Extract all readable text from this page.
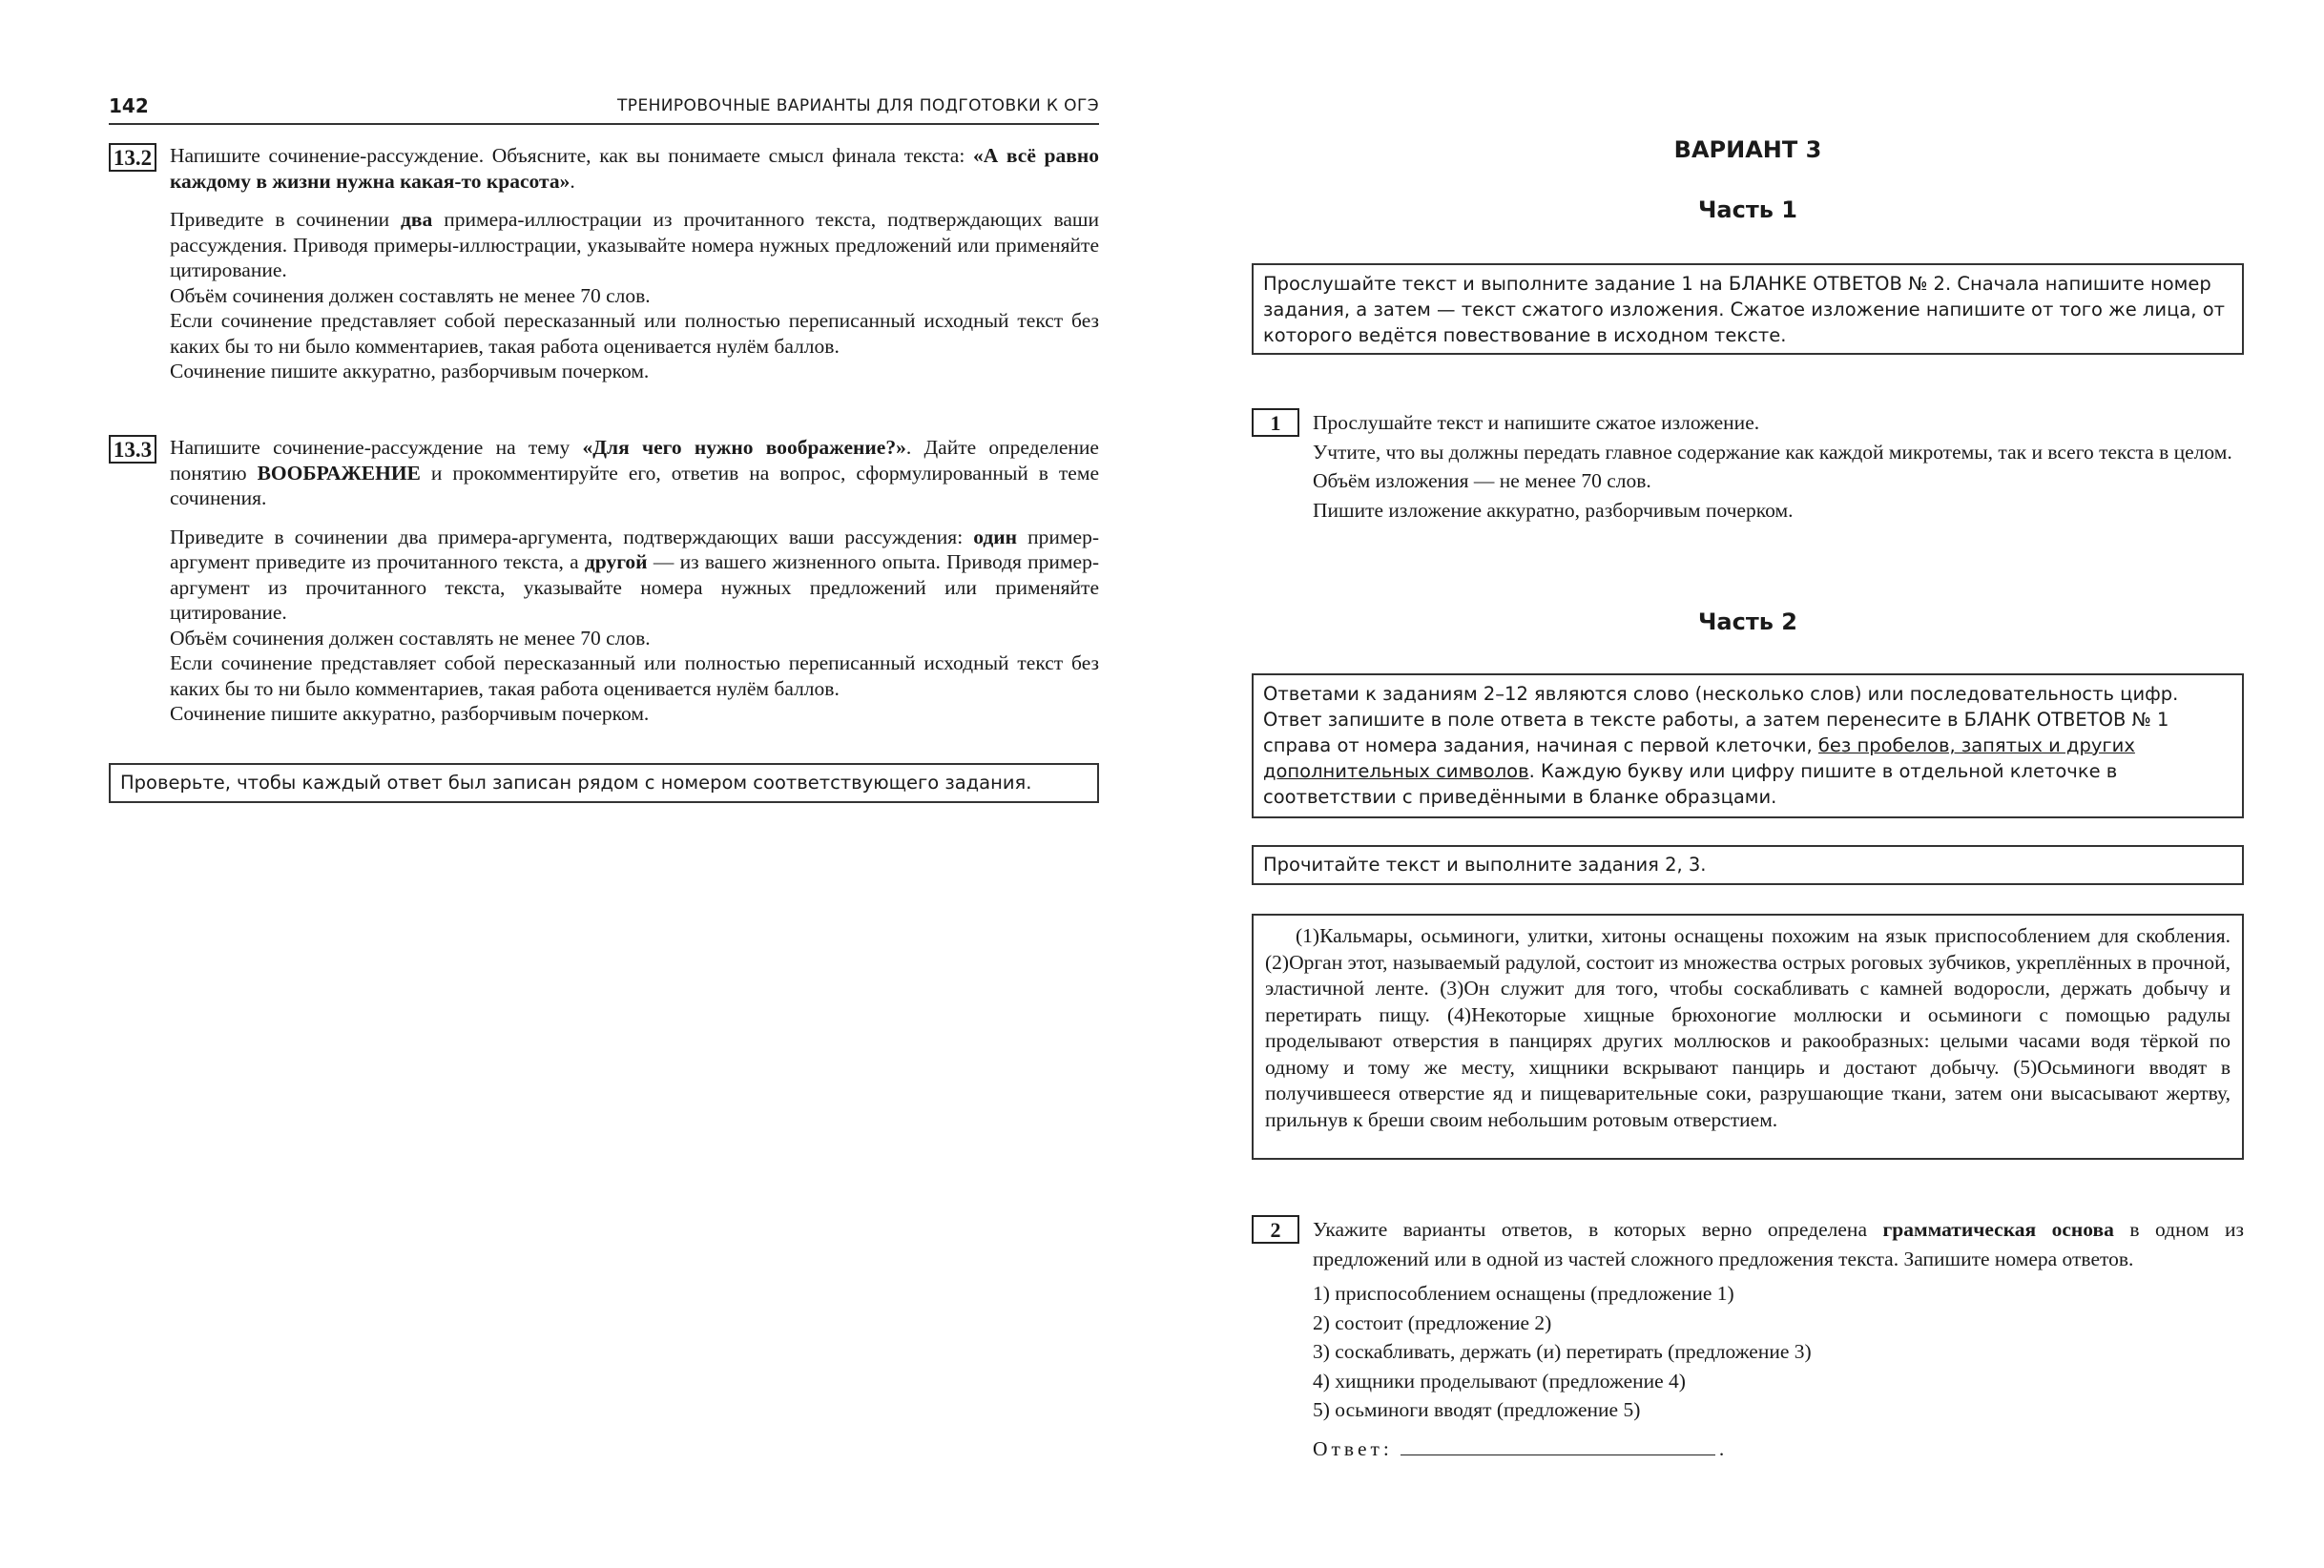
142	ТРЕНИРОВОЧНЫЕ ВАРИАНТЫ ДЛЯ ПОДГОТОВКИ К ОГЭ
13.2 Напишите сочинение-рассуждение. Объясните, как вы понимаете смысл финала текста: «А всё равно каждому в жизни нужна какая-то красота».

Приведите в сочинении два примера-иллюстрации из прочитанного текста, подтверждающих ваши рассуждения. Приводя примеры-иллюстрации, указывайте номера нужных предложений или применяйте цитирование.

Объём сочинения должен составлять не менее 70 слов.

Если сочинение представляет собой пересказанный или полностью переписанный исходный текст без каких бы то ни было комментариев, такая работа оценивается нулём баллов.

Сочинение пишите аккуратно, разборчивым почерком.

13.3 Напишите сочинение-рассуждение на тему «Для чего нужно воображение?». Дайте определение понятию ВООБРАЖЕНИЕ и прокомментируйте его, ответив на вопрос, сформулированный в теме сочинения.

Приведите в сочинении два примера-аргумента, подтверждающих ваши рассуждения: один пример-аргумент приведите из прочитанного текста, а другой — из вашего жизненного опыта. Приводя пример-аргумент из прочитанного текста, указывайте номера нужных предложений или применяйте цитирование.

Объём сочинения должен составлять не менее 70 слов.

Если сочинение представляет собой пересказанный или полностью переписанный исходный текст без каких бы то ни было комментариев, такая работа оценивается нулём баллов.

Сочинение пишите аккуратно, разборчивым почерком.

Проверьте, чтобы каждый ответ был записан рядом с номером соответствующего задания.

ВАРИАНТ 3
Часть 1

Прослушайте текст и выполните задание 1 на БЛАНКЕ ОТВЕТОВ № 2. Сначала напишите номер задания, а затем — текст сжатого изложения. Сжатое изложение напишите от того же лица, от которого ведётся повествование в исходном тексте.

1	Прослушайте текст и напишите сжатое изложение.

Учтите, что вы должны передать главное содержание как каждой микротемы, так и всего текста в целом.

Объём изложения — не менее 70 слов.

Пишите изложение аккуратно, разборчивым почерком.

Часть 2

Ответами к заданиям 2–12 являются слово (несколько слов) или последовательность цифр. Ответ запишите в поле ответа в тексте работы, а затем перенесите в БЛАНК ОТВЕТОВ № 1 справа от номера задания, начиная с первой клеточки, без пробелов, запятых и других дополнительных символов. Каждую букву или цифру пишите в отдельной клеточке в соответствии с приведёнными в бланке образцами.

Прочитайте текст и выполните задания 2, 3.

(1)Кальмары, осьминоги, улитки, хитоны оснащены похожим на язык приспособлением для скобления. (2)Орган этот, называемый радулой, состоит из множества острых роговых зубчиков, укреплённых в прочной, эластичной ленте. (3)Он служит для того, чтобы соскабливать с камней водоросли, держать добычу и перетирать пищу. (4)Некоторые хищные брюхоногие моллюски и осьминоги с помощью радулы проделывают отверстия в панцирях других моллюсков и ракообразных: целыми часами водя тёркой по одному и тому же месту, хищники вскрывают панцирь и достают добычу. (5)Осьминоги вводят в получившееся отверстие яд и пищеварительные соки, разрушающие ткани, затем они высасывают жертву, прильнув к бреши своим небольшим ротовым отверстием.

2	Укажите варианты ответов, в которых верно определена грамматическая основа в одном из предложений или в одной из частей сложного предложения текста. Запишите номера ответов.

1) приспособлением оснащены (предложение 1)
2) состоит (предложение 2)
3) соскабливать, держать (и) перетирать (предложение 3)
4) хищники проделывают (предложение 4)
5) осьминоги вводят (предложение 5)
Ответ:	.
